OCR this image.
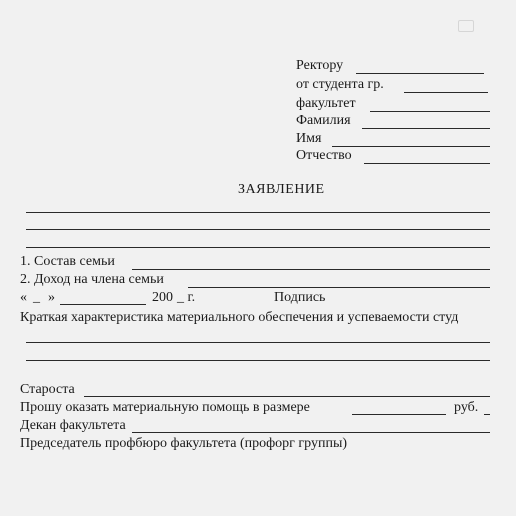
Ректору
от студента гр.
факультет
Фамилия
Имя
Отчество
ЗАЯВЛЕНИЕ
1. Состав семьи
2. Доход на члена семьи
« _ »	200 _ г.	Подпись
Краткая характеристика материального обеспечения и успеваемости студ
Староста
Прошу оказать материальную помощь в размере	руб.
Декан факультета
Председатель профбюро факультета (профорг группы)
